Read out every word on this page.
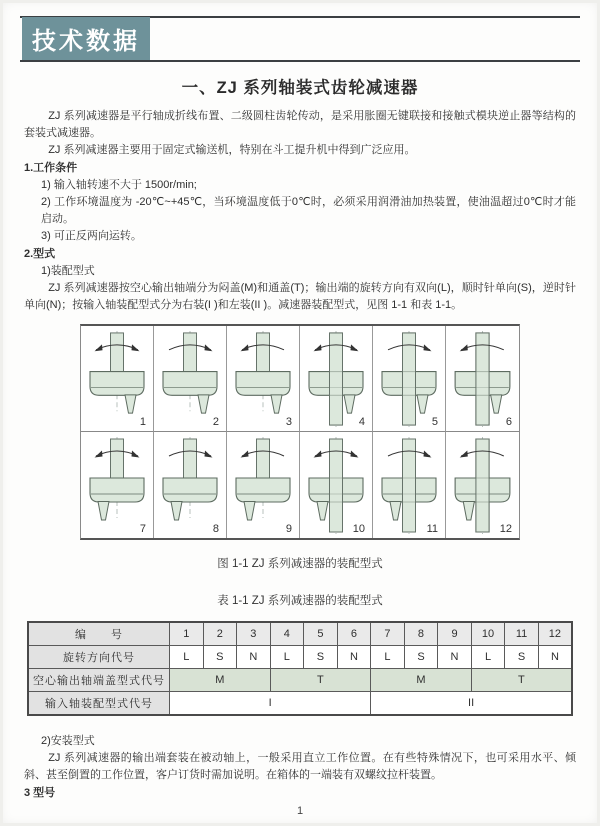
技术数据
一、ZJ 系列轴装式齿轮减速器

ZJ 系列减速器是平行轴成折线布置、二级圆柱齿轮传动，是采用胀圈无键联接和接触式模块逆止器等结构的套装式减速器。

ZJ 系列减速器主要用于固定式输送机，特别在斗工提升机中得到广泛应用。

1.工作条件
1) 输入轴转速不大于 1500r/min;
2) 工作环境温度为 -20℃~+45℃，当环境温度低于0℃时，必须采用润滑油加热装置，使油温超过0℃时才能启动。
3) 可正反两向运转。
2.型式
1)装配型式

ZJ 系列减速器按空心输出轴端分为闷盖(M)和通盖(T)；输出端的旋转方向有双向(L)，顺时针单向(S)，逆时针单向(N)；按输入轴装配型式分为右装(I )和左装(II )。减速器装配型式，见图 1-1 和表 1-1。

1	2	3	4	5	6
7	8	9	10	11	12
图 1-1 ZJ 系列减速器的装配型式
表 1-1 ZJ 系列减速器的装配型式
编　　号	1	2	3	4	5	6	7	8	9	10	11	12
旋转方向代号	L	S	N	L	S	N	L	S	N	L	S	N
空心输出轴端盖型式代号	M			T			M			T		
输入轴装配型式代号	I						II					
2)安装型式

ZJ 系列减速器的输出端套装在被动轴上，一般采用直立工作位置。在有些特殊情况下，也可采用水平、倾斜、甚至倒置的工作位置，客户订货时需加说明。在箱体的一端装有双螺纹拉杆装置。

3 型号
1
